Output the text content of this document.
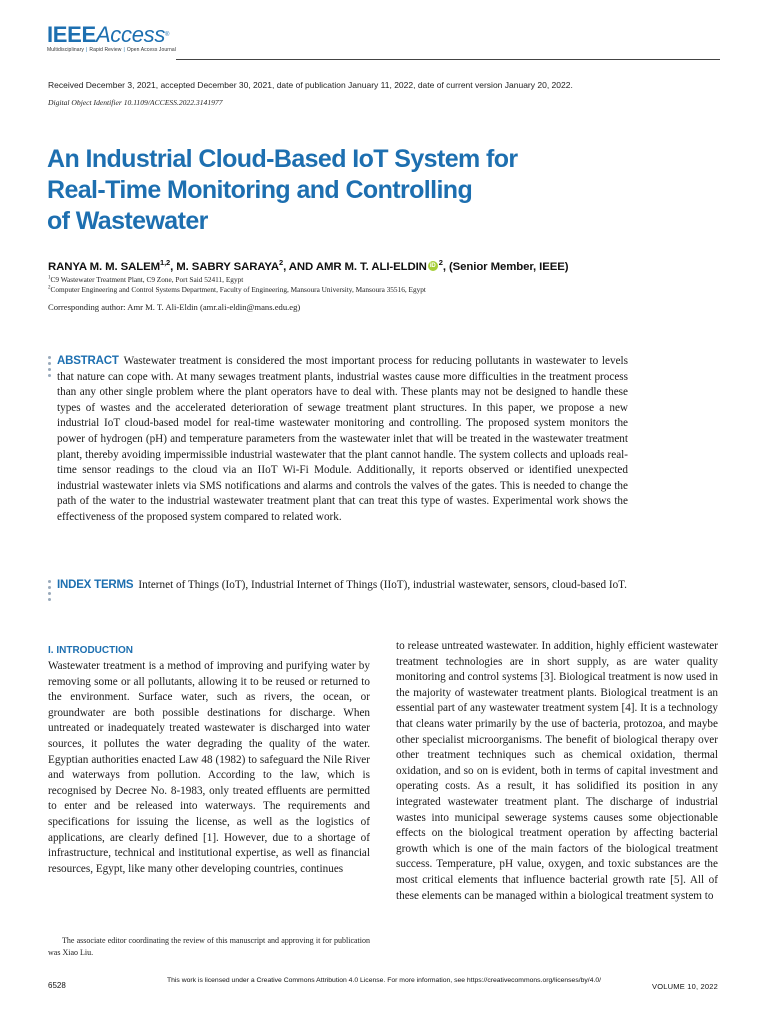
IEEEAccess®
Multidisciplinary | Rapid Review | Open Access Journal
Received December 3, 2021, accepted December 30, 2021, date of publication January 11, 2022, date of current version January 20, 2022.
Digital Object Identifier 10.1109/ACCESS.2022.3141977
An Industrial Cloud-Based IoT System for
Real-Time Monitoring and Controlling
of Wastewater
RANYA M. M. SALEM$^{1,2}$, M. SABRY SARAYA$^2$, AND AMR M. T. ALI-ELDIN iD $^2$, (Senior Member, IEEE)
$^1$C9 Wastewater Treatment Plant, C9 Zone, Port Said 52411, Egypt
$^2$Computer Engineering and Control Systems Department, Faculty of Engineering, Mansoura University, Mansoura 35516, Egypt
Corresponding author: Amr M. T. Ali-Eldin (amr.ali-eldin@mans.edu.eg)
ABSTRACT Wastewater treatment is considered the most important process for reducing pollutants in wastewater to levels that nature can cope with. At many sewages treatment plants, industrial wastes cause more difficulties in the treatment process than any other single problem where the plant operators have to deal with. These plants may not be designed to handle these types of wastes and the accelerated deterioration of sewage treatment plant structures. In this paper, we propose a new industrial IoT cloud-based model for real-time wastewater monitoring and controlling. The proposed system monitors the power of hydrogen (pH) and temperature parameters from the wastewater inlet that will be treated in the wastewater treatment plant, thereby avoiding impermissible industrial wastewater that the plant cannot handle. The system collects and uploads real-time sensor readings to the cloud via an IIoT Wi-Fi Module. Additionally, it reports observed or identified unexpected industrial wastewater inlets via SMS notifications and alarms and controls the valves of the gates. This is needed to change the path of the water to the industrial wastewater treatment plant that can treat this type of wastes. Experimental work shows the effectiveness of the proposed system compared to related work.
INDEX TERMS Internet of Things (IoT), Industrial Internet of Things (IIoT), industrial wastewater, sensors, cloud-based IoT.
I. INTRODUCTION

Wastewater treatment is a method of improving and purifying water by removing some or all pollutants, allowing it to be reused or returned to the environment. Surface water, such as rivers, the ocean, or groundwater are both possible destinations for discharge. When untreated or inadequately treated wastewater is discharged into water sources, it pollutes the water degrading the quality of the water. Egyptian authorities enacted Law 48 (1982) to safeguard the Nile River and waterways from pollution. According to the law, which is recognised by Decree No. 8-1983, only treated effluents are permitted to enter and be released into waterways. The requirements and specifications for issuing the license, as well as the logistics of applications, are clearly defined [1]. However, due to a shortage of infrastructure, technical and institutional expertise, as well as financial resources, Egypt, like many other developing countries, continues

to release untreated wastewater. In addition, highly efficient wastewater treatment technologies are in short supply, as are water quality monitoring and control systems [3]. Biological treatment is now used in the majority of wastewater treatment plants. Biological treatment is an essential part of any wastewater treatment system [4]. It is a technology that cleans water primarily by the use of bacteria, protozoa, and maybe other specialist microorganisms. The benefit of biological therapy over other treatment techniques such as chemical oxidation, thermal oxidation, and so on is evident, both in terms of capital investment and operating costs. As a result, it has solidified its position in any integrated wastewater treatment plant. The discharge of industrial wastes into municipal sewerage systems causes some objectionable effects on the biological treatment operation by affecting bacterial growth which is one of the main factors of the biological treatment success. Temperature, pH value, oxygen, and toxic substances are the most critical elements that influence bacterial growth rate [5]. All of these elements can be managed within a biological treatment system to

The associate editor coordinating the review of this manuscript and approving it for publication was Xiao Liu.
6528
This work is licensed under a Creative Commons Attribution 4.0 License. For more information, see https://creativecommons.org/licenses/by/4.0/
VOLUME 10, 2022
